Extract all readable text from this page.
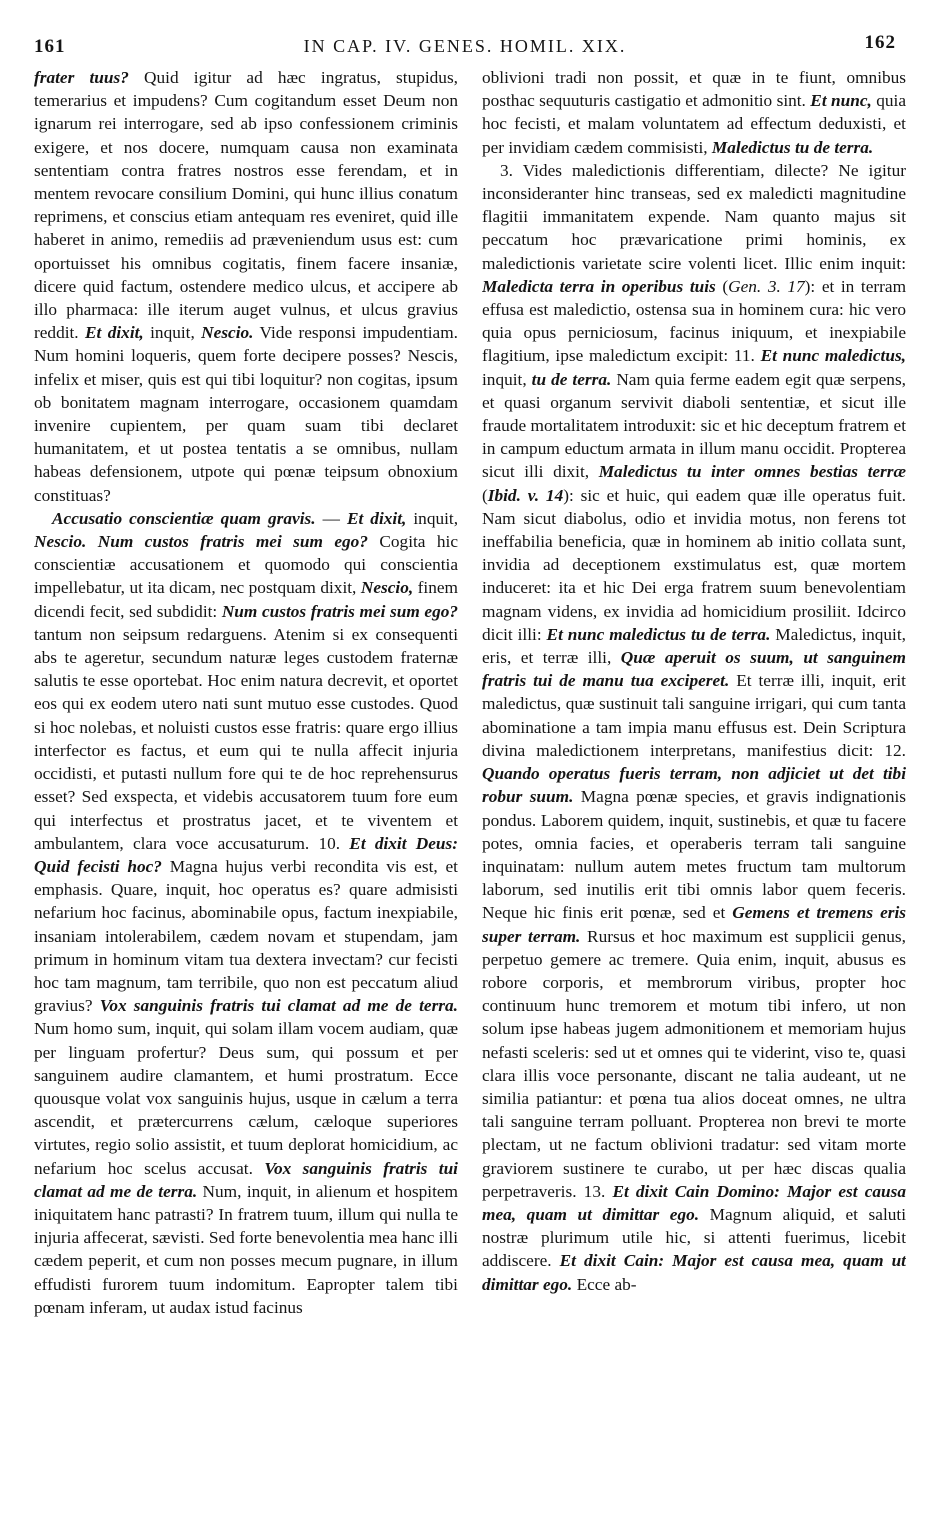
161	IN CAP. IV. GENES. HOMIL. XIX.	162

frater tuus? Quid igitur ad hæc ingratus, stupidus, temerarius et impudens? Cum cogitandum esset Deum non ignarum rei interrogare, sed ab ipso confessionem criminis exigere, et nos docere, numquam causa non examinata sententiam contra fratres nostros esse ferendam, et in mentem revocare consilium Domini, qui hunc illius conatum reprimens, et conscius etiam antequam res eveniret, quid ille haberet in animo, remediis ad præveniendum usus est: cum oportuisset his omnibus cogitatis, finem facere insaniæ, dicere quid factum, ostendere medico ulcus, et accipere ab illo pharmaca: ille iterum auget vulnus, et ulcus gravius reddit. Et dixit, inquit, Nescio. Vide responsi impudentiam. Num homini loqueris, quem forte decipere posses? Nescis, infelix et miser, quis est qui tibi loquitur? non cogitas, ipsum ob bonitatem magnam interrogare, occasionem quamdam invenire cupientem, per quam suam tibi declaret humanitatem, et ut postea tentatis a se omnibus, nullam habeas defensionem, utpote qui pœnæ teipsum obnoxium constituas?

Accusatio conscientiæ quam gravis. — Et dixit, inquit, Nescio. Num custos fratris mei sum ego? Cogita hic conscientiæ accusationem et quomodo qui conscientia impellebatur, ut ita dicam, nec postquam dixit, Nescio, finem dicendi fecit, sed subdidit: Num custos fratris mei sum ego? tantum non seipsum redarguens. Atenim si ex consequenti abs te ageretur, secundum naturæ leges custodem fraternæ salutis te esse oportebat. Hoc enim natura decrevit, et oportet eos qui ex eodem utero nati sunt mutuo esse custodes. Quod si hoc nolebas, et noluisti custos esse fratris: quare ergo illius interfector es factus, et eum qui te nulla affecit injuria occidisti, et putasti nullum fore qui te de hoc reprehensurus esset? Sed exspecta, et videbis accusatorem tuum fore eum qui interfectus et prostratus jacet, et te viventem et ambulantem, clara voce accusaturum. 10. Et dixit Deus: Quid fecisti hoc? Magna hujus verbi recondita vis est, et emphasis. Quare, inquit, hoc operatus es? quare admisisti nefarium hoc facinus, abominabile opus, factum inexpiabile, insaniam intolerabilem, cædem novam et stupendam, jam primum in hominum vitam tua dextera invectam? cur fecisti hoc tam magnum, tam terribile, quo non est peccatum aliud gravius? Vox sanguinis fratris tui clamat ad me de terra. Num homo sum, inquit, qui solam illam vocem audiam, quæ per linguam profertur? Deus sum, qui possum et per sanguinem audire clamantem, et humi prostratum. Ecce quousque volat vox sanguinis hujus, usque in cælum a terra ascendit, et prætercurrens cælum, cæloque superiores virtutes, regio solio assistit, et tuum deplorat homicidium, ac nefarium hoc scelus accusat. Vox sanguinis fratris tui clamat ad me de terra. Num, inquit, in alienum et hospitem iniquitatem hanc patrasti? In fratrem tuum, illum qui nulla te injuria affecerat, sævisti. Sed forte benevolentia mea hanc illi cædem peperit, et cum non posses mecum pugnare, in illum effudisti furorem tuum indomitum. Eapropter talem tibi pœnam inferam, ut audax istud facinus

oblivioni tradi non possit, et quæ in te fiunt, omnibus posthac sequuturis castigatio et admonitio sint. Et nunc, quia hoc fecisti, et malam voluntatem ad effectum deduxisti, et per invidiam cædem commisisti, Maledictus tu de terra.

3. Vides maledictionis differentiam, dilecte? Ne igitur inconsideranter hinc transeas, sed ex maledicti magnitudine flagitii immanitatem expende. Nam quanto majus sit peccatum hoc prævaricatione primi hominis, ex maledictionis varietate scire volenti licet. Illic enim inquit: Maledicta terra in operibus tuis (Gen. 3. 17): et in terram effusa est maledictio, ostensa sua in hominem cura: hic vero quia opus perniciosum, facinus iniquum, et inexpiabile flagitium, ipse maledictum excipit: 11. Et nunc maledictus, inquit, tu de terra. Nam quia ferme eadem egit quæ serpens, et quasi organum servivit diaboli sententiæ, et sicut ille fraude mortalitatem introduxit: sic et hic deceptum fratrem et in campum eductum armata in illum manu occidit. Propterea sicut illi dixit, Maledictus tu inter omnes bestias terræ (Ibid. v. 14): sic et huic, qui eadem quæ ille operatus fuit. Nam sicut diabolus, odio et invidia motus, non ferens tot ineffabilia beneficia, quæ in hominem ab initio collata sunt, invidia ad deceptionem exstimulatus est, quæ mortem induceret: ita et hic Dei erga fratrem suum benevolentiam magnam videns, ex invidia ad homicidium prosiliit. Idcirco dicit illi: Et nunc maledictus tu de terra. Maledictus, inquit, eris, et terræ illi, Quæ aperuit os suum, ut sanguinem fratris tui de manu tua exciperet. Et terræ illi, inquit, erit maledictus, quæ sustinuit tali sanguine irrigari, qui cum tanta abominatione a tam impia manu effusus est. Dein Scriptura divina maledictionem interpretans, manifestius dicit: 12. Quando operatus fueris terram, non adjiciet ut det tibi robur suum. Magna pœnæ species, et gravis indignationis pondus. Laborem quidem, inquit, sustinebis, et quæ tu facere potes, omnia facies, et operaberis terram tali sanguine inquinatam: nullum autem metes fructum tam multorum laborum, sed inutilis erit tibi omnis labor quem feceris. Neque hic finis erit pœnæ, sed et Gemens et tremens eris super terram. Rursus et hoc maximum est supplicii genus, perpetuo gemere ac tremere. Quia enim, inquit, abusus es robore corporis, et membrorum viribus, propter hoc continuum hunc tremorem et motum tibi infero, ut non solum ipse habeas jugem admonitionem et memoriam hujus nefasti sceleris: sed ut et omnes qui te viderint, viso te, quasi clara illis voce personante, discant ne talia audeant, ut ne similia patiantur: et pœna tua alios doceat omnes, ne ultra tali sanguine terram polluant. Propterea non brevi te morte plectam, ut ne factum oblivioni tradatur: sed vitam morte graviorem sustinere te curabo, ut per hæc discas qualia perpetraveris. 13. Et dixit Cain Domino: Major est causa mea, quam ut dimittar ego. Magnum aliquid, et saluti nostræ plurimum utile hic, si attenti fuerimus, licebit addiscere. Et dixit Cain: Major est causa mea, quam ut dimittar ego. Ecce ab-
